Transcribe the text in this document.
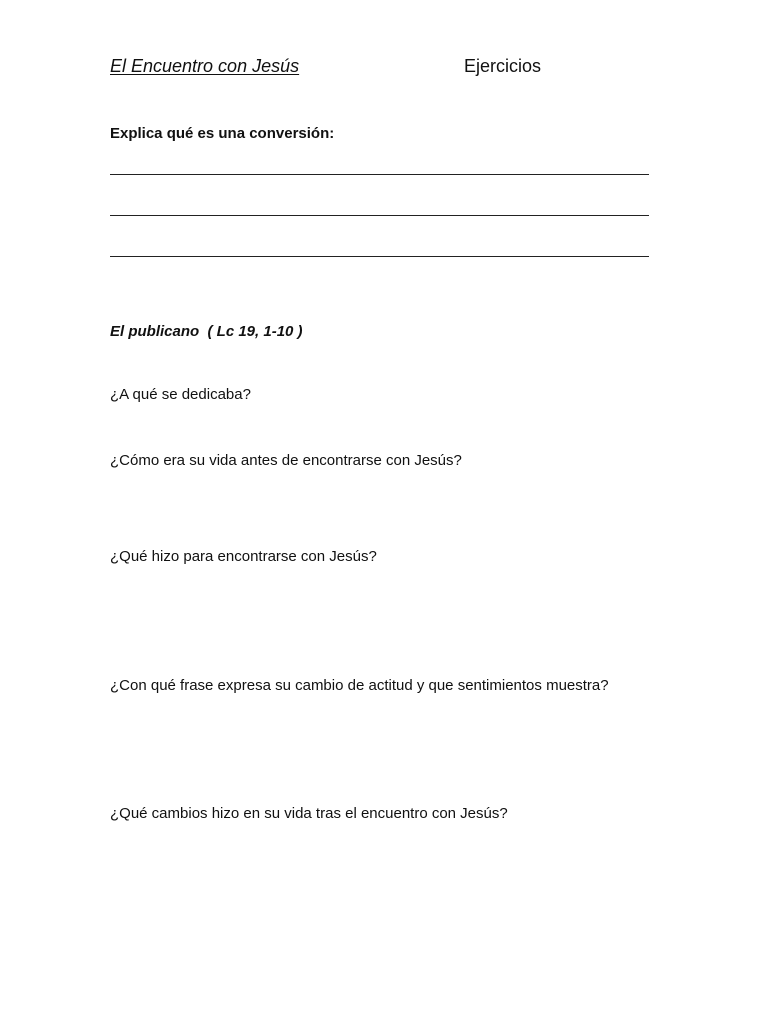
El Encuentro con Jesús	Ejercicios
Explica qué es una conversión:
El publicano  ( Lc 19, 1-10 )
¿A qué se dedicaba?
¿Cómo era su vida antes de encontrarse con Jesús?
¿Qué hizo para encontrarse con Jesús?
¿Con qué frase expresa su cambio de actitud y que sentimientos muestra?
¿Qué cambios hizo en su vida tras el encuentro con Jesús?
